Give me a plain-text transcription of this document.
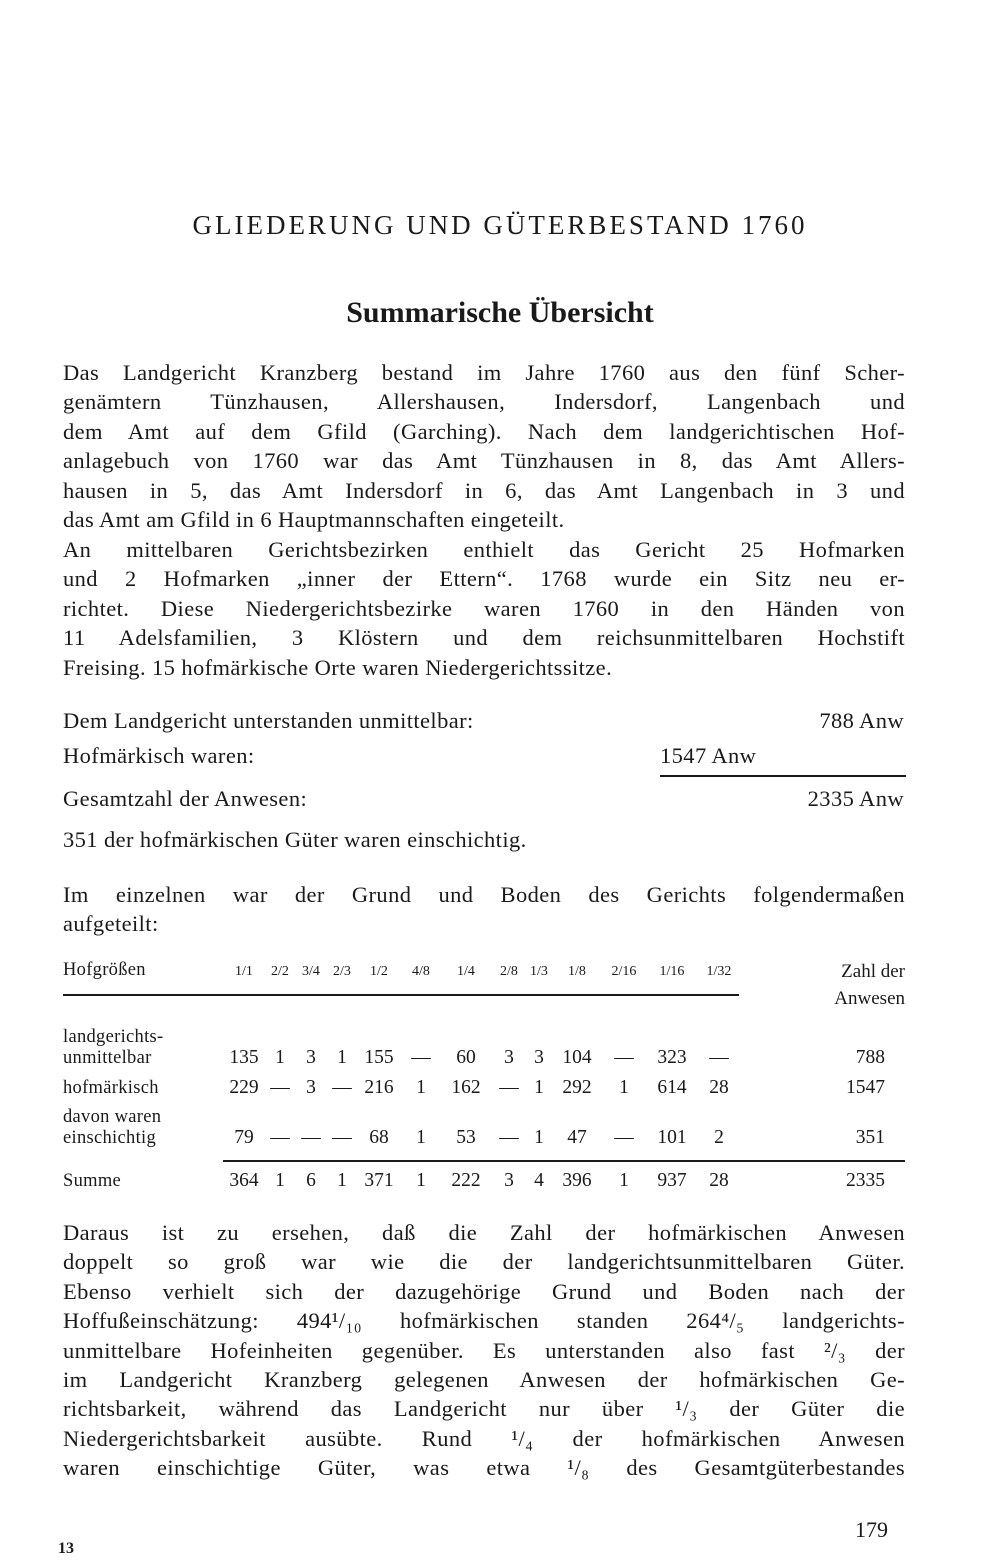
GLIEDERUNG UND GÜTERBESTAND 1760
Summarische Übersicht
Das Landgericht Kranzberg bestand im Jahre 1760 aus den fünf Scher-
genämtern Tünzhausen, Allershausen, Indersdorf, Langenbach und
dem Amt auf dem Gfild (Garching). Nach dem landgerichtischen Hof-
anlagebuch von 1760 war das Amt Tünzhausen in 8, das Amt Allers-
hausen in 5, das Amt Indersdorf in 6, das Amt Langenbach in 3 und
das Amt am Gfild in 6 Hauptmannschaften eingeteilt.
An mittelbaren Gerichtsbezirken enthielt das Gericht 25 Hofmarken
und 2 Hofmarken „inner der Ettern“. 1768 wurde ein Sitz neu er-
richtet. Diese Niedergerichtsbezirke waren 1760 in den Händen von
11 Adelsfamilien, 3 Klöstern und dem reichsunmittelbaren Hochstift
Freising. 15 hofmärkische Orte waren Niedergerichtssitze.
Dem Landgericht unterstanden unmittelbar:	788 Anw
Hofmärkisch waren:	1547 Anw
Gesamtzahl der Anwesen:	2335 Anw
351 der hofmärkischen Güter waren einschichtig.
Im einzelnen war der Grund und Boden des Gerichts folgendermaßen
aufgeteilt:
Hofgrößen	1/1	2/2	3/4	2/3	1/2	4/8	1/4	2/8	1/3	1/8	2/16	1/16	1/32	Zahl der
Anwesen

landgerichts-
unmittelbar	135	1	3	1	155	—	60	3	3	104	—	323	—	788
hofmärkisch	229	—	3	—	216	1	162	—	1	292	1	614	28	1547

davon waren
einschichtig	79	—	—	—	68	1	53	—	1	47	—	101	2	351

Summe	364	1	6	1	371	1	222	3	4	396	1	937	28	2335
Daraus ist zu ersehen, daß die Zahl der hofmärkischen Anwesen
doppelt so groß war wie die der landgerichtsunmittelbaren Güter.
Ebenso verhielt sich der dazugehörige Grund und Boden nach der
Hoffußeinschätzung: 494¹/₁₀ hofmärkischen standen 264⁴/₅ landgerichts-
unmittelbare Hofeinheiten gegenüber. Es unterstanden also fast ²/₃ der
im Landgericht Kranzberg gelegenen Anwesen der hofmärkischen Ge-
richtsbarkeit, während das Landgericht nur über ¹/₃ der Güter die
Niedergerichtsbarkeit ausübte. Rund ¹/₄ der hofmärkischen Anwesen
waren einschichtige Güter, was etwa ¹/₈ des Gesamtgüterbestandes
179
13
